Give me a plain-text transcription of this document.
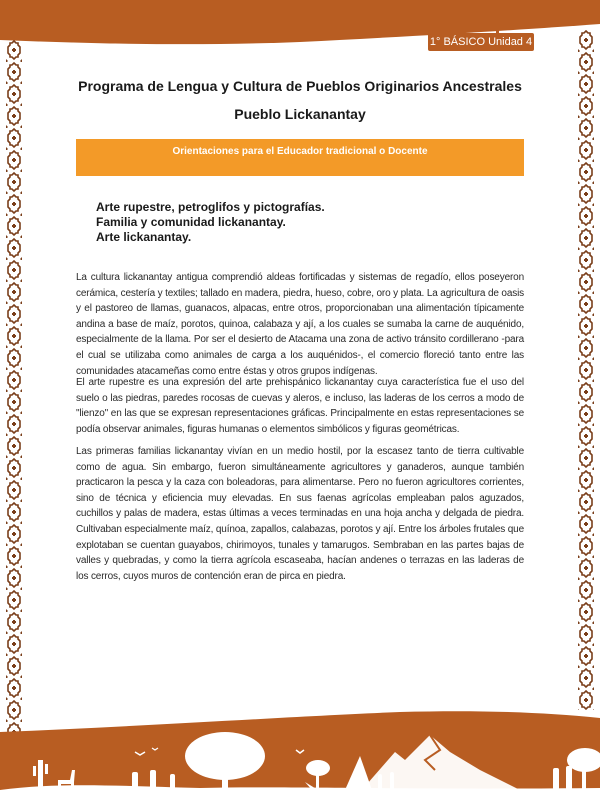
1° BÁSICO Unidad 4
Programa de Lengua y Cultura de Pueblos Originarios Ancestrales
Pueblo Lickanantay
Orientaciones para el Educador tradicional o Docente
Arte rupestre, petroglifos y pictografías.
Familia y comunidad lickanantay.
Arte lickanantay.

La cultura lickanantay antigua comprendió aldeas fortificadas y sistemas de regadío, ellos poseyeron cerámica, cestería y textiles; tallado en madera, piedra, hueso, cobre, oro y plata. La agricultura de oasis y el pastoreo de llamas, guanacos, alpacas, entre otros, proporcionaban una alimentación típicamente andina a base de maíz, porotos, quinoa, calabaza y ají, a los cuales se sumaba la carne de auquénido, especialmente de la llama. Por ser el desierto de Atacama una zona de activo tránsito cordillerano -para el cual se utilizaba como animales de carga a los auquénidos-, el comercio floreció tanto entre las comunidades atacameñas como entre éstas y otros grupos indígenas.

El arte rupestre es una expresión del arte prehispánico lickanantay cuya característica fue el uso del suelo o las piedras, paredes rocosas de cuevas y aleros, e incluso, las laderas de los cerros a modo de "lienzo" en las que se expresan representaciones gráficas. Principalmente en estas representaciones se podía observar animales, figuras humanas o elementos simbólicos y figuras geométricas.

Las primeras familias lickanantay vivían en un medio hostil, por la escasez tanto de tierra cultivable como de agua. Sin embargo, fueron simultáneamente agricultores y ganaderos, aunque también practicaron la pesca y la caza con boleadoras, para alimentarse. Pero no fueron agricultores corrientes, sino de técnica y eficiencia muy elevadas. En sus faenas agrícolas empleaban palos aguzados, cuchillos y palas de madera, estas últimas a veces terminadas en una hoja ancha y delgada de piedra. Cultivaban especialmente maíz, quínoa, zapallos, calabazas, porotos y ají. Entre los árboles frutales que explotaban se cuentan guayabos, chirimoyos, tunales y tamarugos. Sembraban en las partes bajas de valles y quebradas, y como la tierra agrícola escaseaba, hacían andenes o terrazas en las laderas de los cerros, cuyos muros de contención eran de pirca en piedra.
